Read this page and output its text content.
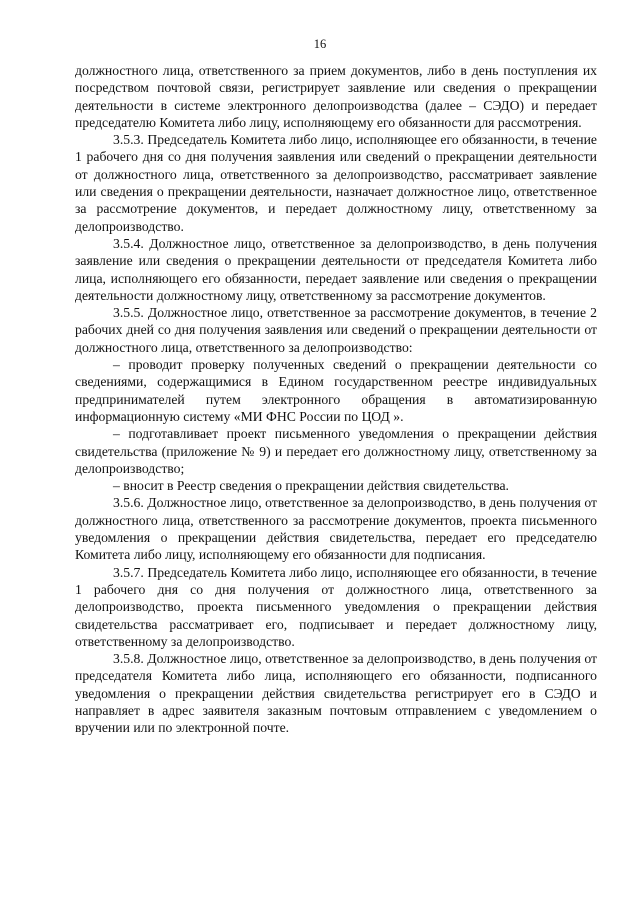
16

должностного лица, ответственного за прием документов, либо в день поступления их посредством почтовой связи, регистрирует заявление или сведения о прекращении деятельности в системе электронного делопроизводства (далее – СЭДО) и передает председателю Комитета либо лицу, исполняющему его обязанности для рассмотрения.

3.5.3. Председатель Комитета либо лицо, исполняющее его обязанности, в течение 1 рабочего дня со дня получения заявления или сведений о прекращении деятельности от должностного лица, ответственного за делопроизводство, рассматривает заявление или сведения о прекращении деятельности, назначает должностное лицо, ответственное за рассмотрение документов, и передает должностному лицу, ответственному за делопроизводство.

3.5.4. Должностное лицо, ответственное за делопроизводство, в день получения заявление или сведения о прекращении деятельности от председателя Комитета либо лица, исполняющего его обязанности, передает заявление или сведения о прекращении деятельности должностному лицу, ответственному за рассмотрение документов.

3.5.5. Должностное лицо, ответственное за рассмотрение документов, в течение 2 рабочих дней со дня получения заявления или сведений о прекращении деятельности от должностного лица, ответственного за делопроизводство:

– проводит проверку полученных сведений о прекращении деятельности со сведениями, содержащимися в Едином государственном реестре индивидуальных предпринимателей путем электронного обращения в автоматизированную информационную систему «МИ ФНС России по ЦОД ».

– подготавливает проект письменного уведомления о прекращении действия свидетельства (приложение № 9) и передает его должностному лицу, ответственному за делопроизводство;

– вносит в Реестр сведения о прекращении действия свидетельства.

3.5.6. Должностное лицо, ответственное за делопроизводство, в день получения от должностного лица, ответственного за рассмотрение документов, проекта письменного уведомления о прекращении действия свидетельства, передает его председателю Комитета либо лицу, исполняющему его обязанности для подписания.

3.5.7. Председатель Комитета либо лицо, исполняющее его обязанности, в течение 1 рабочего дня со дня получения от должностного лица, ответственного за делопроизводство, проекта письменного уведомления о прекращении действия свидетельства рассматривает его, подписывает и передает должностному лицу, ответственному за делопроизводство.

3.5.8. Должностное лицо, ответственное за делопроизводство, в день получения от председателя Комитета либо лица, исполняющего его обязанности, подписанного уведомления о прекращении действия свидетельства регистрирует его в СЭДО и направляет в адрес заявителя заказным почтовым отправлением с уведомлением о вручении или по электронной почте.
